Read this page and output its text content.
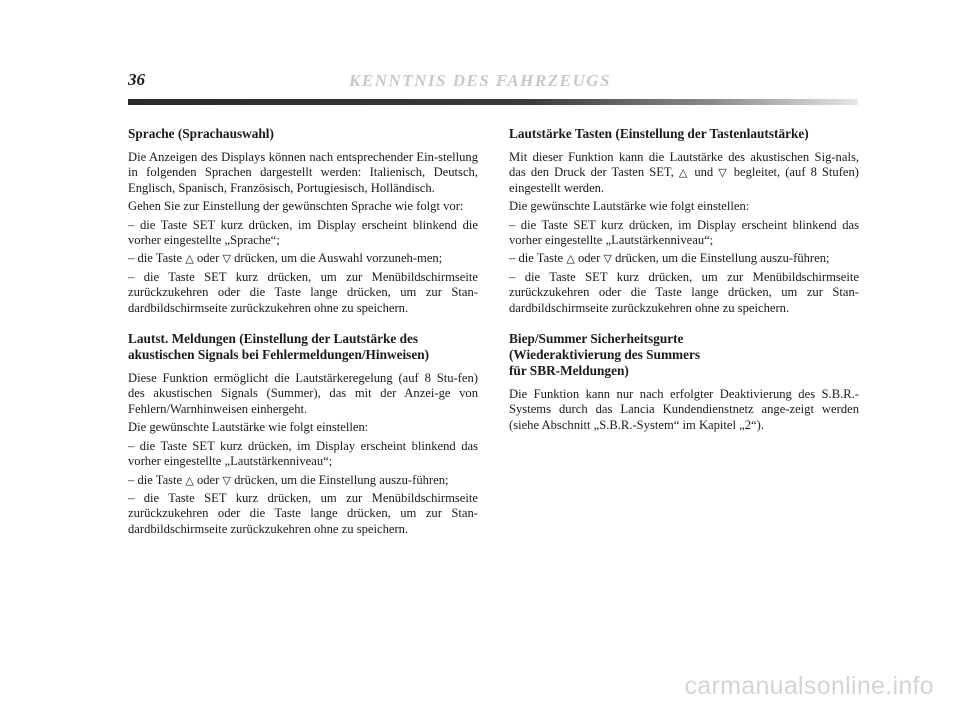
36	KENNTNIS DES FAHRZEUGS
Sprache (Sprachauswahl)
Die Anzeigen des Displays können nach entsprechender Ein-stellung in folgenden Sprachen dargestellt werden: Italienisch, Deutsch, Englisch, Spanisch, Französisch, Portugiesisch, Holländisch.
Gehen Sie zur Einstellung der gewünschten Sprache wie folgt vor:
– die Taste SET kurz drücken, im Display erscheint blinkend die vorher eingestellte „Sprache“;
– die Taste △ oder ▽ drücken, um die Auswahl vorzuneh-men;
– die Taste SET kurz drücken, um zur Menübildschirmseite zurückzukehren oder die Taste lange drücken, um zur Stan-dardbildschirmseite zurückzukehren ohne zu speichern.
Lautst. Meldungen (Einstellung der Lautstärke des akustischen Signals bei Fehlermeldungen/Hinweisen)
Diese Funktion ermöglicht die Lautstärkeregelung (auf 8 Stu-fen) des akustischen Signals (Summer), das mit der Anzei-ge von Fehlern/Warnhinweisen einhergeht.
Die gewünschte Lautstärke wie folgt einstellen:
– die Taste SET kurz drücken, im Display erscheint blinkend das vorher eingestellte „Lautstärkenniveau“;
– die Taste △ oder ▽ drücken, um die Einstellung auszu-führen;
– die Taste SET kurz drücken, um zur Menübildschirmseite zurückzukehren oder die Taste lange drücken, um zur Stan-dardbildschirmseite zurückzukehren ohne zu speichern.
Lautstärke Tasten (Einstellung der Tastenlautstärke)
Mit dieser Funktion kann die Lautstärke des akustischen Sig-nals, das den Druck der Tasten SET, △ und ▽ begleitet, (auf 8 Stufen) eingestellt werden.
Die gewünschte Lautstärke wie folgt einstellen:
– die Taste SET kurz drücken, im Display erscheint blinkend das vorher eingestellte „Lautstärkenniveau“;
– die Taste △ oder ▽ drücken, um die Einstellung auszu-führen;
– die Taste SET kurz drücken, um zur Menübildschirmseite zurückzukehren oder die Taste lange drücken, um zur Stan-dardbildschirmseite zurückzukehren ohne zu speichern.
Biep/Summer Sicherheitsgurte
(Wiederaktivierung des Summers
für SBR-Meldungen)
Die Funktion kann nur nach erfolgter Deaktivierung des S.B.R.-Systems durch das Lancia Kundendienstnetz ange-zeigt werden (siehe Abschnitt „S.B.R.-System“ im Kapitel „2“).
carmanualsonline.info
